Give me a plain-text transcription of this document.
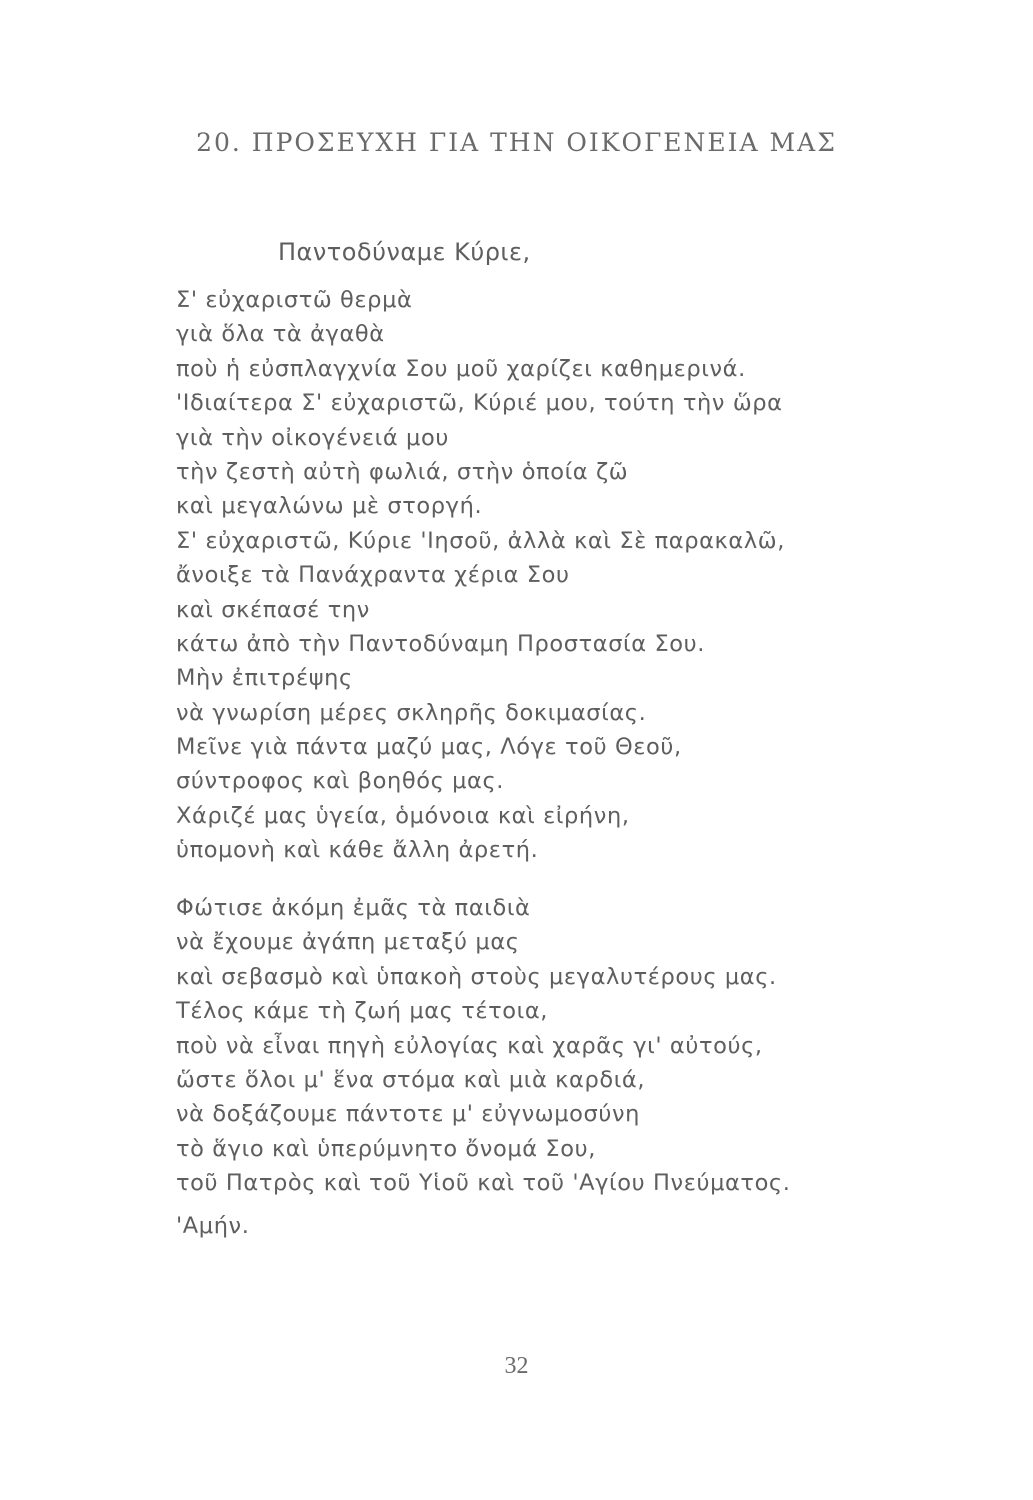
20. ΠΡΟΣΕΥΧΗ ΓΙΑ ΤΗΝ ΟΙΚΟΓΕΝΕΙΑ ΜΑΣ
Παντοδύναμε Κύριε,
Σ' εὐχαριστῶ θερμὰ
γιὰ ὅλα τὰ ἀγαθὰ
ποὺ ἡ εὐσπλαγχνία Σου μοῦ χαρίζει καθημερινά.
'Ιδιαίτερα Σ' εὐχαριστῶ, Κύριέ μου, τούτη τὴν ὥρα
γιὰ τὴν οἰκογένειά μου
τὴν ζεστὴ αὐτὴ φωλιά, στὴν ὁποία ζῶ
καὶ μεγαλώνω μὲ στοργή.
Σ' εὐχαριστῶ, Κύριε 'Ιησοῦ, ἀλλὰ καὶ Σὲ παρακαλῶ,
ἄνοιξε τὰ Πανάχραντα χέρια Σου
καὶ σκέπασέ την
κάτω ἀπὸ τὴν Παντοδύναμη Προστασία Σου.
Μὴν ἐπιτρέψης
νὰ γνωρίση μέρες σκληρῆς δοκιμασίας.
Μεῖνε γιὰ πάντα μαζύ μας, Λόγε τοῦ Θεοῦ,
σύντροφος καὶ βοηθός μας.
Χάριζέ μας ὑγεία, ὁμόνοια καὶ εἰρήνη,
ὑπομονὴ καὶ κάθε ἄλλη ἀρετή.
Φώτισε ἀκόμη ἐμᾶς τὰ παιδιὰ
νὰ ἔχουμε ἀγάπη μεταξύ μας
καὶ σεβασμὸ καὶ ὑπακοὴ στοὺς μεγαλυτέρους μας.
Τέλος κάμε τὴ ζωή μας τέτοια,
ποὺ νὰ εἶναι πηγὴ εὐλογίας καὶ χαρᾶς γι' αὐτούς,
ὥστε ὅλοι μ' ἕνα στόμα καὶ μιὰ καρδιά,
νὰ δοξάζουμε πάντοτε μ' εὐγνωμοσύνη
τὸ ἅγιο καὶ ὑπερύμνητο ὄνομά Σου,
τοῦ Πατρὸς καὶ τοῦ Υἱοῦ καὶ τοῦ 'Αγίου Πνεύματος.
'Αμήν.
32
